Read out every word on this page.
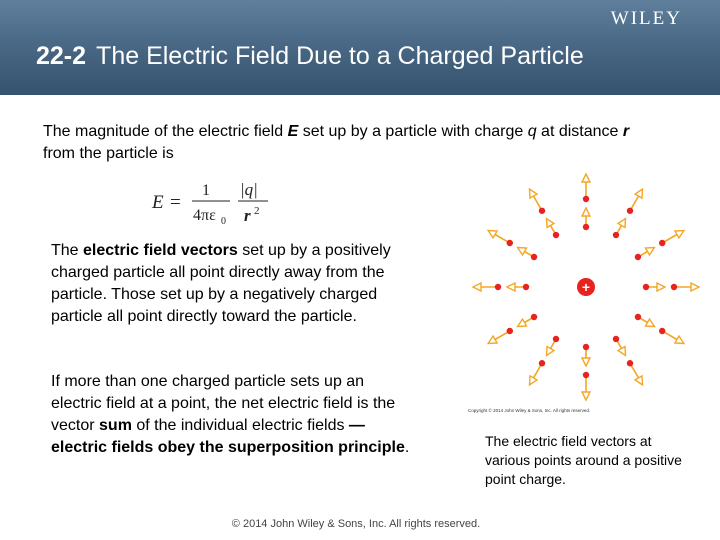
WILEY
22-2 The Electric Field Due to a Charged Particle
The magnitude of the electric field E set up by a particle with charge q at distance r from the particle is
E =
1
4πε 0
|q|
r 2
The electric field vectors set up by a positively charged particle all point directly away from the particle. Those set up by a negatively charged particle all point directly toward the particle.
If more than one charged particle sets up an electric field at a point, the net electric field is the vector sum of the individual electric fields —electric fields obey the superposition principle.
+
Copyright © 2014 John Wiley & Sons, Inc. All rights reserved.
The electric field vectors at various points around a positive point charge.
© 2014 John Wiley & Sons, Inc. All rights reserved.
